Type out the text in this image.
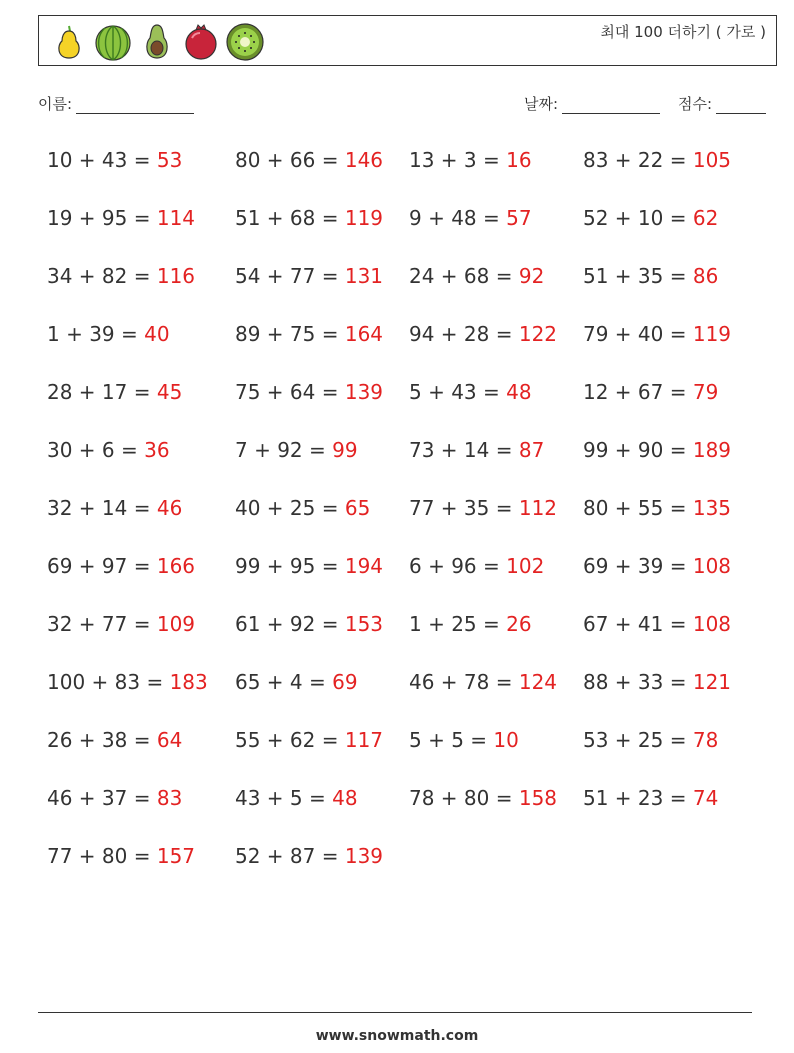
최대 100 더하기 ( 가로 )
이름:	날짜:	점수:
10 + 43 = 53	80 + 66 = 146 13 + 3 = 16	83 + 22 = 105
19 + 95 = 114 51 + 68 = 119 9 + 48 = 57	52 + 10 = 62
34 + 82 = 116 54 + 77 = 131 24 + 68 = 92 51 + 35 = 86
1 + 39 = 40	89 + 75 = 164 94 + 28 = 122 79 + 40 = 119
28 + 17 = 45	75 + 64 = 139 5 + 43 = 48	12 + 67 = 79
30 + 6 = 36	7 + 92 = 99	73 + 14 = 87 99 + 90 = 189
32 + 14 = 46	40 + 25 = 65 77 + 35 = 112 80 + 55 = 135
69 + 97 = 166 99 + 95 = 194 6 + 96 = 102 69 + 39 = 108
32 + 77 = 109 61 + 92 = 153 1 + 25 = 26	67 + 41 = 108
100 + 83 = 183 65 + 4 = 69	46 + 78 = 124 88 + 33 = 121
26 + 38 = 64	55 + 62 = 117 5 + 5 = 10	53 + 25 = 78
46 + 37 = 83	43 + 5 = 48	78 + 80 = 158 51 + 23 = 74
77 + 80 = 157 52 + 87 = 139
www.snowmath.com
